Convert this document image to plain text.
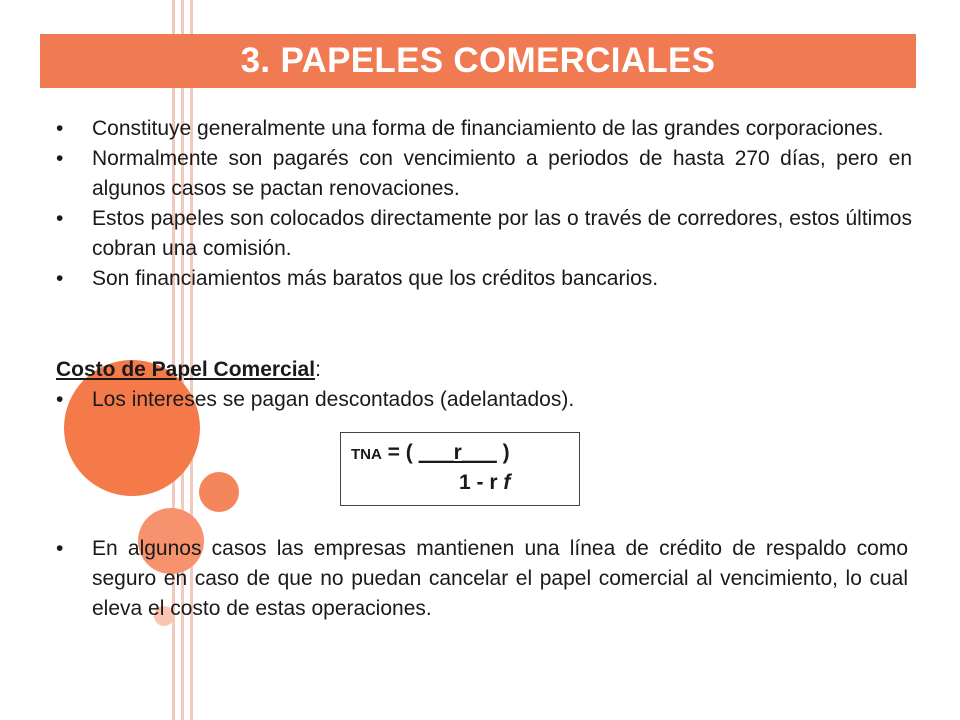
3. PAPELES COMERCIALES
• Constituye generalmente una forma de financiamiento de las grandes corporaciones.
• Normalmente son pagarés con vencimiento a periodos de hasta 270 días, pero en algunos casos se pactan renovaciones.
• Estos papeles son colocados directamente por las o través de corredores, estos últimos cobran una comisión.
• Son financiamientos más baratos que los créditos bancarios.
Costo de Papel Comercial:
• Los intereses se pagan descontados (adelantados).
TNA = ( ___r___ )
1 - r f
• En algunos casos las empresas mantienen una línea de crédito de respaldo como seguro en caso de que no puedan cancelar el papel comercial al vencimiento, lo cual eleva el costo de estas operaciones.
